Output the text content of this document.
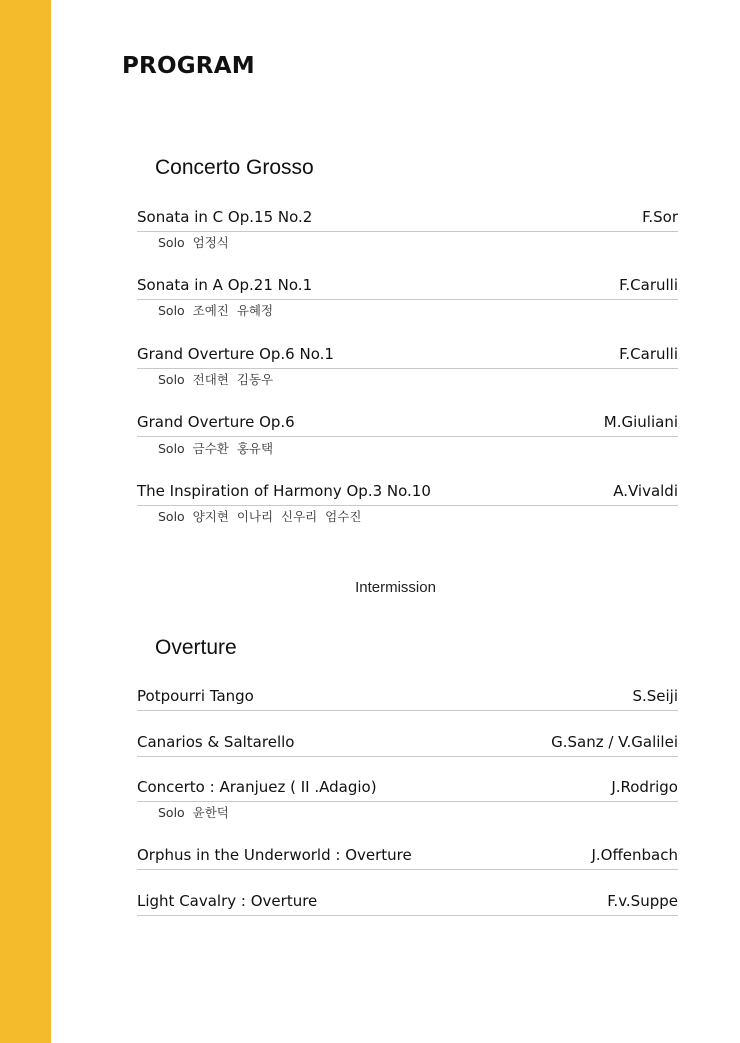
PROGRAM
Concerto Grosso
Sonata in C Op.15 No.2	F.Sor
Solo  엄정식
Sonata in A Op.21 No.1	F.Carulli
Solo  조예진  유혜정
Grand Overture Op.6 No.1	F.Carulli
Solo  전대현  김동우
Grand Overture Op.6	M.Giuliani
Solo  금수환  홍유택
The Inspiration of Harmony Op.3 No.10	A.Vivaldi
Solo  양지현  이나리  신우리  엄수진
Intermission
Overture
Potpourri Tango	S.Seiji
Canarios & Saltarello	G.Sanz / V.Galilei
Concerto : Aranjuez ( II .Adagio)	J.Rodrigo
Solo  윤한덕
Orphus in the Underworld : Overture	J.Offenbach
Light Cavalry : Overture	F.v.Suppe
